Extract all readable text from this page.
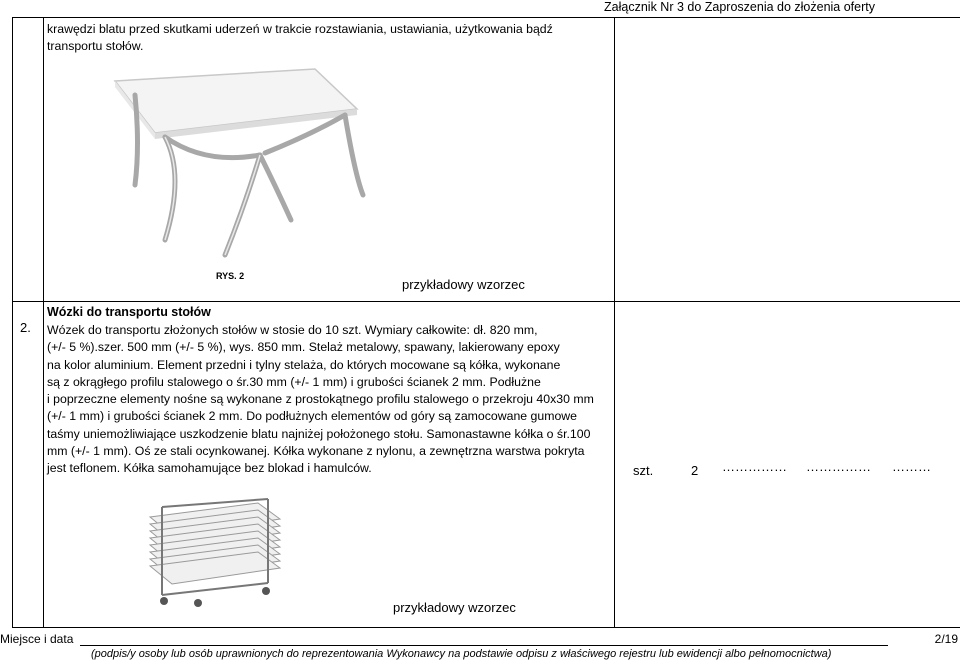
Załącznik Nr 3 do Zaproszenia do złożenia oferty
krawędzi blatu przed skutkami uderzeń w trakcie rozstawiania, ustawiania, użytkowania bądź
transportu stołów.
RYS. 2
przykładowy wzorzec
2.
Wózki do transportu stołów
Wózek do transportu złożonych stołów w stosie do 10 szt. Wymiary całkowite: dł. 820 mm,
(+/- 5 %).szer. 500 mm (+/- 5 %), wys. 850 mm. Stelaż metalowy, spawany, lakierowany epoxy
na kolor aluminium. Element przedni i tylny stelaża, do których mocowane są kółka, wykonane
są z okrągłego profilu stalowego o śr.30 mm (+/- 1 mm) i grubości ścianek 2 mm. Podłużne
i poprzeczne elementy nośne są wykonane z prostokątnego profilu stalowego o przekroju 40x30 mm
(+/- 1 mm) i grubości ścianek 2 mm. Do podłużnych elementów od góry są zamocowane gumowe
taśmy uniemożliwiające uszkodzenie blatu najniżej położonego stołu. Samonastawne kółka o śr.100
mm (+/- 1 mm). Oś ze stali ocynkowanej. Kółka wykonane z nylonu, a zewnętrzna warstwa pokryta
jest teflonem. Kółka samohamujące bez blokad i hamulców.	szt.	2 …………… …………… ………
przykładowy wzorzec
Miejsce i data	2/19
(podpis/y osoby lub osób uprawnionych do reprezentowania Wykonawcy na podstawie odpisu z właściwego rejestru lub ewidencji albo pełnomocnictwa)
